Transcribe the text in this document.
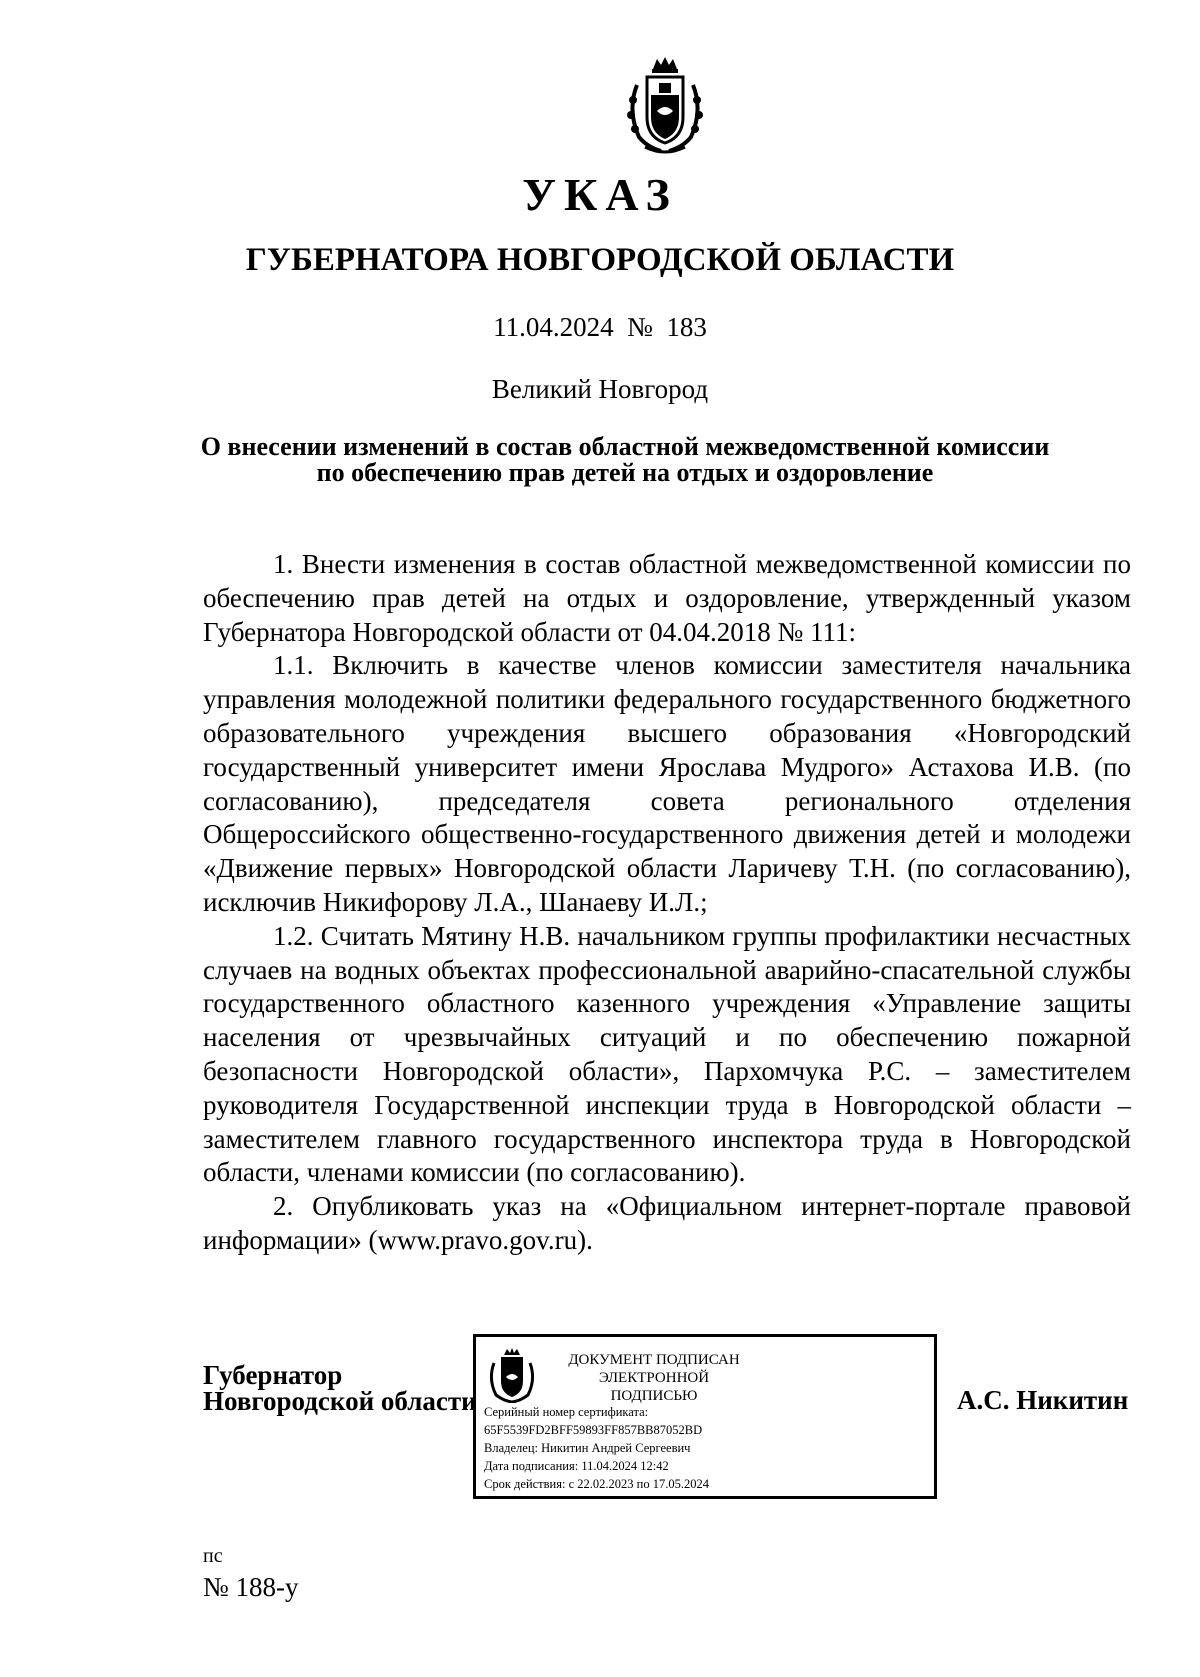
УКАЗ
ГУБЕРНАТОРА НОВГОРОДСКОЙ ОБЛАСТИ
11.04.2024 № 183
Великий Новгород
О внесении изменений в состав областной межведомственной комиссии
по обеспечению прав детей на отдых и оздоровление

1. Внести изменения в состав областной межведомственной комиссии по обеспечению прав детей на отдых и оздоровление, утвержденный указом Губернатора Новгородской области от 04.04.2018 № 111:

1.1. Включить в качестве членов комиссии заместителя начальника управления молодежной политики федерального государственного бюджетного образовательного учреждения высшего образования «Новгородский государственный университет имени Ярослава Мудрого» Астахова И.В. (по согласованию), председателя совета регионального отделения Общероссийского общественно-государственного движения детей и молодежи «Движение первых» Новгородской области Ларичеву Т.Н. (по согласованию), исключив Никифорову Л.А., Шанаеву И.Л.;

1.2. Считать Мятину Н.В. начальником группы профилактики несчастных случаев на водных объектах профессиональной аварийно-спасательной службы государственного областного казенного учреждения «Управление защиты населения от чрезвычайных ситуаций и по обеспечению пожарной безопасности Новгородской области», Пархомчука Р.С. – заместителем руководителя Государственной инспекции труда в Новгородской области – заместителем главного государственного инспектора труда в Новгородской области, членами комиссии (по согласованию).

2. Опубликовать указ на «Официальном интернет-портале правовой информации» (www.pravo.gov.ru).

Губернатор
Новгородской области
ДОКУМЕНТ ПОДПИСАН
ЭЛЕКТРОННОЙ ПОДПИСЬЮ
Серийный номер сертификата:
65F5539FD2BFF59893FF857BB87052BD
Владелец: Никитин Андрей Сергеевич
Дата подписания: 11.04.2024 12:42
Срок действия: с 22.02.2023 по 17.05.2024
А.С. Никитин
пс
№ 188-у
